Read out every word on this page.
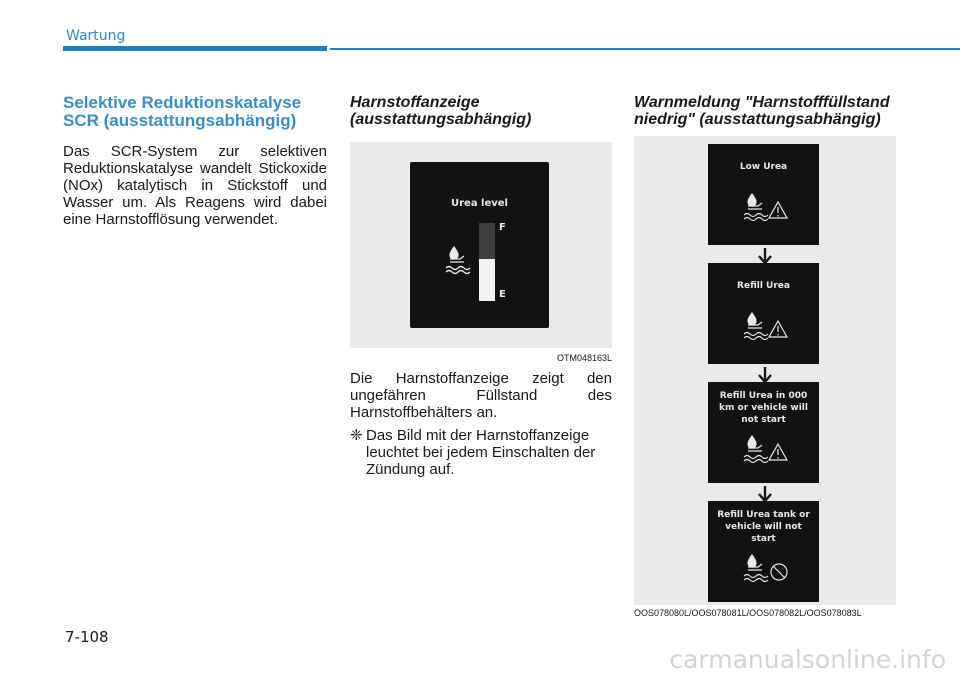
Wartung
Selektive Reduktionskatalyse SCR (ausstattungsabhängig)
Das SCR-System zur selektiven Reduktionskatalyse wandelt Stickoxide (NOx) katalytisch in Stickstoff und Wasser um. Als Reagens wird dabei eine Harnstofflösung verwendet.
Harnstoffanzeige (ausstattungsabhängig)
Urea level
F
E
OTM048163L
Die Harnstoffanzeige zeigt den ungefähren Füllstand des Harnstoffbehälters an.
❈ Das Bild mit der Harnstoffanzeige leuchtet bei jedem Einschalten der Zündung auf.
Warnmeldung "Harnstofffüllstand niedrig" (ausstattungsabhängig)
Low Urea
Refill Urea
Refill Urea in 000 km or vehicle will not start
Refill Urea tank or vehicle will not start
OOS078080L/OOS078081L/OOS078082L/OOS078083L
7-108
carmanualsonline.info
